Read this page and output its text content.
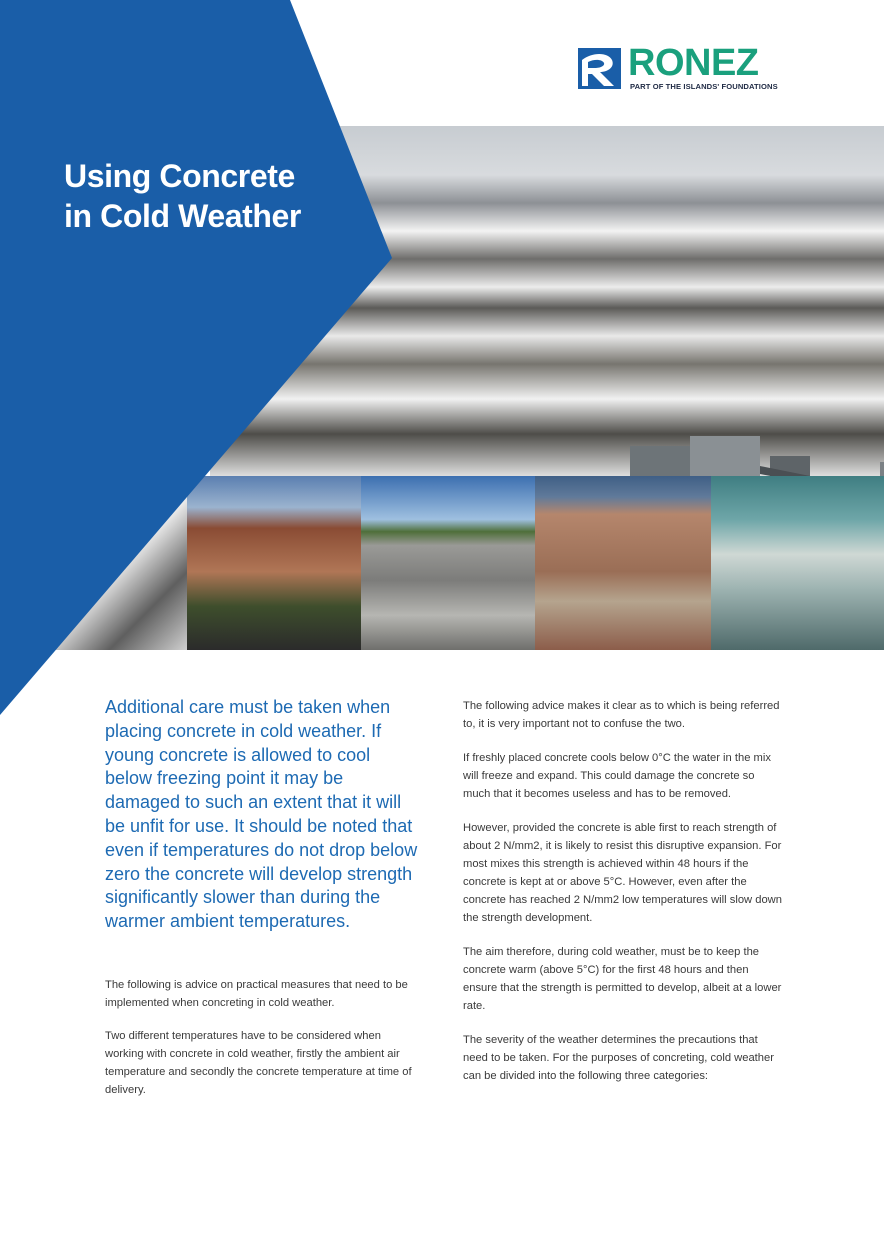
Using Concrete
in Cold Weather
RONEZ
PART OF THE ISLANDS' FOUNDATIONS

Additional care must be taken when placing concrete in cold weather. If young concrete is allowed to cool below freezing point it may be damaged to such an extent that it will be unfit for use. It should be noted that even if temperatures do not drop below zero the concrete will develop strength significantly slower than during the warmer ambient temperatures.

The following is advice on practical measures that need to be implemented when concreting in cold weather.

Two different temperatures have to be considered when working with concrete in cold weather, firstly the ambient air temperature and secondly the concrete temperature at time of delivery.

The following advice makes it clear as to which is being referred to, it is very important not to confuse the two.

If freshly placed concrete cools below 0°C the water in the mix will freeze and expand. This could damage the concrete so much that it becomes useless and has to be removed.

However, provided the concrete is able first to reach strength of about 2 N/mm2, it is likely to resist this disruptive expansion. For most mixes this strength is achieved within 48 hours if the concrete is kept at or above 5°C. However, even after the concrete has reached 2 N/mm2 low temperatures will slow down the strength development.

The aim therefore, during cold weather, must be to keep the concrete warm (above 5°C) for the first 48 hours and then ensure that the strength is permitted to develop, albeit at a lower rate.

The severity of the weather determines the precautions that need to be taken. For the purposes of concreting, cold weather can be divided into the following three categories:
